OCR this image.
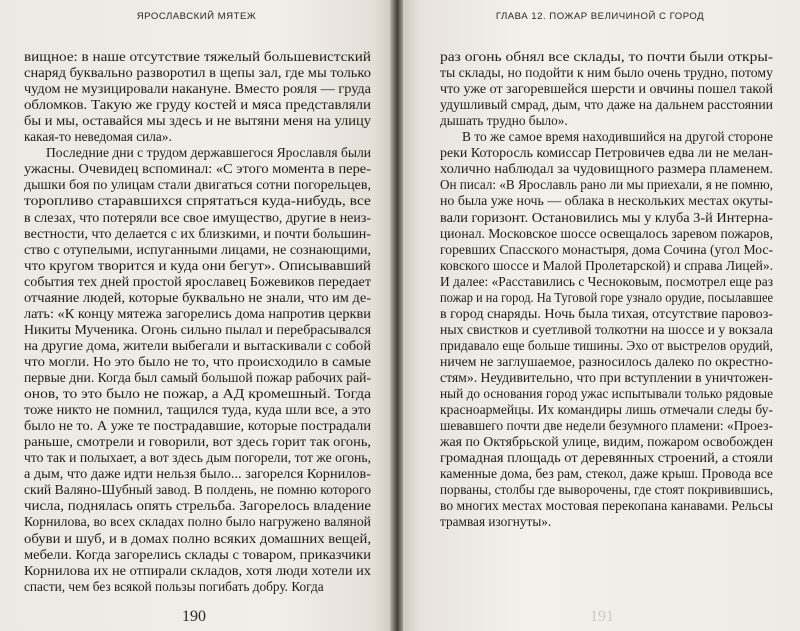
ЯРОСЛАВСКИЙ МЯТЕЖ
вищное: в наше отсутствие тяжелый большевистский
снаряд буквально разворотил в щепы зал, где мы только
чудом не музицировали накануне. Вместо рояля — груда
обломков. Такую же груду костей и мяса представляли
бы и мы, оставайся мы здесь и не вытяни меня на улицу
какая-то неведомая сила».
Последние дни с трудом державшегося Ярославля были
ужасны. Очевидец вспоминал: «С этого момента в пере-
дышки боя по улицам стали двигаться сотни погорельцев,
торопливо старавшихся спрятаться куда-нибудь, все
в слезах, что потеряли все свое имущество, другие в неиз-
вестности, что делается с их близкими, и почти большин-
ство с отупелыми, испуганными лицами, не сознающими,
что кругом творится и куда они бегут». Описывавший
события тех дней простой ярославец Божевиков передает
отчаяние людей, которые буквально не знали, что им де-
лать: «К концу мятежа загорелись дома напротив церкви
Никиты Мученика. Огонь сильно пылал и перебрасывался
на другие дома, жители выбегали и вытаскивали с собой
что могли. Но это было не то, что происходило в самые
первые дни. Когда был самый большой пожар рабочих рай-
онов, то это было не пожар, а АД кромешный. Тогда
тоже никто не помнил, тащился туда, куда шли все, а это
было не то. А уже те пострадавшие, которые пострадали
раньше, смотрели и говорили, вот здесь горит так огонь,
что так и полыхает, а вот здесь дым погорели, тот же огонь,
а дым, что даже идти нельзя было... загорелся Корнилов-
ский Валяно-Шубный завод. В полдень, не помню которого
числа, поднялась опять стрельба. Загорелось владение
Корнилова, во всех складах полно было нагружено валяной
обуви и шуб, и в домах полно всяких домашних вещей,
мебели. Когда загорелись склады с товаром, приказчики
Корнилова их не отпирали складов, хотя люди хотели их
спасти, чем без всякой пользы погибать добру. Когда
190
ГЛАВА 12. ПОЖАР ВЕЛИЧИНОЙ С ГОРОД
раз огонь обнял все склады, то почти были откры-
ты склады, но подойти к ним было очень трудно, потому
что уже от загоревшейся шерсти и овчины пошел такой
удушливый смрад, дым, что даже на дальнем расстоянии
дышать трудно было».
В то же самое время находившийся на другой стороне
реки Которосль комиссар Петровичев едва ли не мелан-
холично наблюдал за чудовищного размера пламенем.
Он писал: «В Ярославль рано ли мы приехали, я не помню,
но была уже ночь — облака в нескольких местах окуты-
вали горизонт. Остановились мы у клуба 3-й Интерна-
ционал. Московское шоссе освещалось заревом пожаров,
горевших Спасского монастыря, дома Сочина (угол Мос-
ковского шоссе и Малой Пролетарской) и справа Лицей».
И далее: «Расставились с Чесноковым, посмотрел еще раз
пожар и на город. На Туговой горе узнало орудие, посылавшее
в город снаряды. Ночь была тихая, отсутствие паровоз-
ных свистков и суетливой толкотни на шоссе и у вокзала
придавало еще больше тишины. Эхо от выстрелов орудий,
ничем не заглушаемое, разносилось далеко по окрестно-
стям». Неудивительно, что при вступлении в уничтожен-
ный до основания город ужас испытывали только рядовые
красноармейцы. Их командиры лишь отмечали следы бу-
шевавшего почти две недели безумного пламени: «Проез-
жая по Октябрьской улице, видим, пожаром освобожден
громадная площадь от деревянных строений, а стояли
каменные дома, без рам, стекол, даже крыш. Провода все
порваны, столбы где выворочены, где стоят покривившись,
во многих местах мостовая перекопана канавами. Рельсы
трамвая изогнуты».
191
